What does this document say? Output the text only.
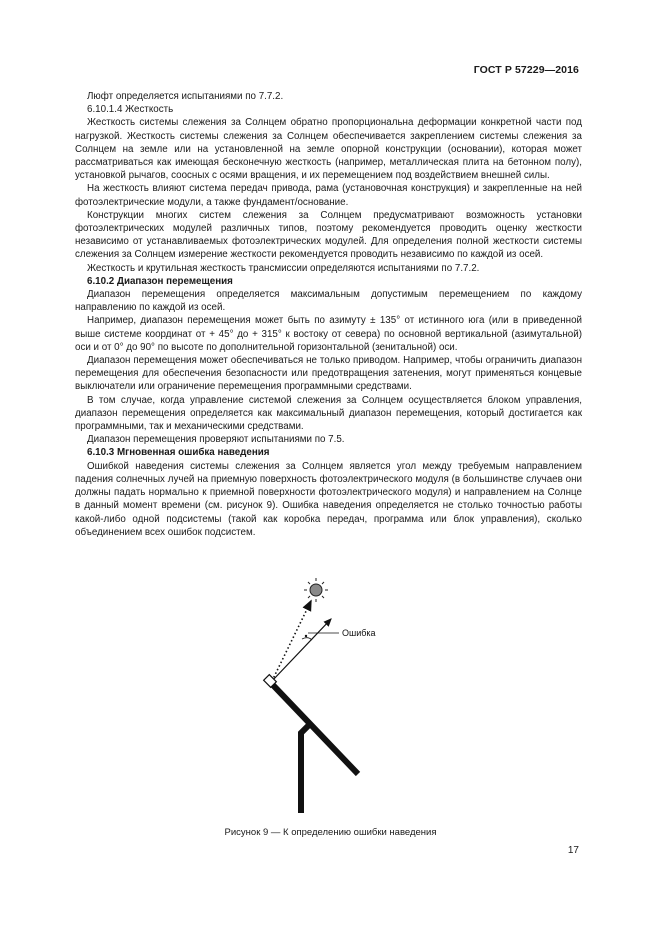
ГОСТ Р 57229—2016

Люфт определяется испытаниями по 7.7.2.

6.10.1.4 Жесткость

Жесткость системы слежения за Солнцем обратно пропорциональна деформации конкретной части под нагрузкой. Жесткость системы слежения за Солнцем обеспечивается закреплением системы слежения за Солнцем на земле или на установленной на земле опорной конструкции (основании), которая может рассматриваться как имеющая бесконечную жесткость (например, металлическая плита на бетонном полу), установкой рычагов, соосных с осями вращения, и их перемещением под воздействием внешней силы.

На жесткость влияют система передач привода, рама (установочная конструкция) и закрепленные на ней фотоэлектрические модули, а также фундамент/основание.

Конструкции многих систем слежения за Солнцем предусматривают возможность установки фотоэлектрических модулей различных типов, поэтому рекомендуется проводить оценку жесткости независимо от устанавливаемых фотоэлектрических модулей. Для определения полной жесткости системы слежения за Солнцем измерение жесткости рекомендуется проводить независимо по каждой из осей.

Жесткость и крутильная жесткость трансмиссии определяются испытаниями по 7.7.2.

6.10.2 Диапазон перемещения

Диапазон перемещения определяется максимальным допустимым перемещением по каждому направлению по каждой из осей.

Например, диапазон перемещения может быть по азимуту ± 135° от истинного юга (или в приведенной выше системе координат от + 45° до + 315° к востоку от севера) по основной вертикальной (азимутальной) оси и от 0° до 90° по высоте по дополнительной горизонтальной (зенитальной) оси.

Диапазон перемещения может обеспечиваться не только приводом. Например, чтобы ограничить диапазон перемещения для обеспечения безопасности или предотвращения затенения, могут применяться концевые выключатели или ограничение перемещения программными средствами.

В том случае, когда управление системой слежения за Солнцем осуществляется блоком управления, диапазон перемещения определяется как максимальный диапазон перемещения, который достигается как программными, так и механическими средствами.

Диапазон перемещения проверяют испытаниями по 7.5.

6.10.3 Мгновенная ошибка наведения

Ошибкой наведения системы слежения за Солнцем является угол между требуемым направлением падения солнечных лучей на приемную поверхность фотоэлектрического модуля (в большинстве случаев они должны падать нормально к приемной поверхности фотоэлектрического модуля) и направлением на Солнце в данный момент времени (см. рисунок 9). Ошибка наведения определяется не столько точностью работы какой-либо одной подсистемы (такой как коробка передач, программа или блок управления), сколько объединением всех ошибок подсистем.

Ошибка
Рисунок 9 — К определению ошибки наведения
17
